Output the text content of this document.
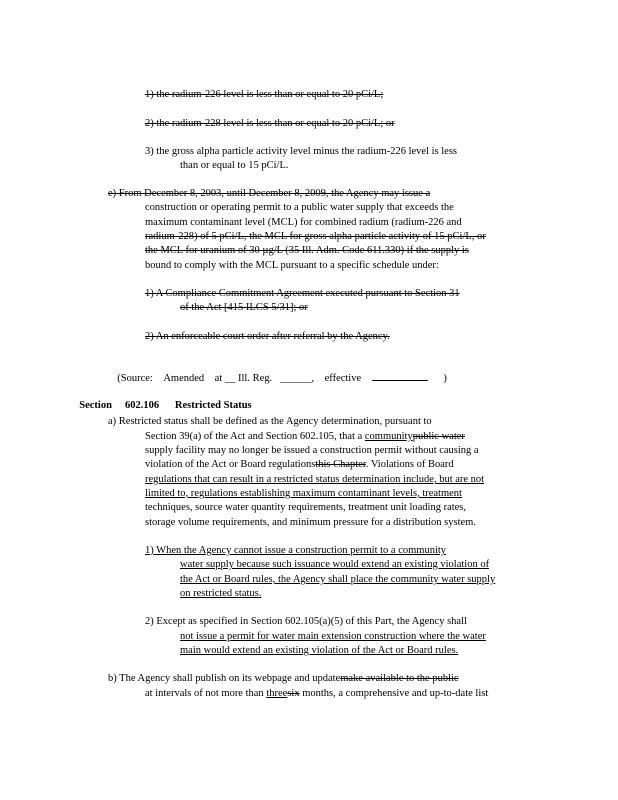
1) the radium-226 level is less than or equal to 20 pCi/L;
2) the radium-228 level is less than or equal to 20 pCi/L; or
3) the gross alpha particle activity level minus the radium-226 level is less
than or equal to 15 pCi/L.
e) From December 8, 2003, until December 8, 2009, the Agency may issue a
construction or operating permit to a public water supply that exceeds the
maximum contaminant level (MCL) for combined radium (radium-226 and
radium-228) of 5 pCi/L, the MCL for gross alpha particle activity of 15 pCi/L, or
the MCL for uranium of 30 µg/L (35 Ill. Adm. Code 611.330) if the supply is
bound to comply with the MCL pursuant to a specific schedule under:
1) A Compliance Commitment Agreement executed pursuant to Section 31
of the Act [415 ILCS 5/31]; or
2) An enforceable court order after referral by the Agency.

(Source: Amended at __ Ill. Reg. ______, effective	)

Section 602.106 Restricted Status

a) Restricted status shall be defined as the Agency determination, pursuant to
Section 39(a) of the Act and Section 602.105, that a communitypublic water
supply facility may no longer be issued a construction permit without causing a
violation of the Act or Board regulationsthis Chapter. Violations of Board
regulations that can result in a restricted status determination include, but are not
limited to, regulations establishing maximum contaminant levels, treatment
techniques, source water quantity requirements, treatment unit loading rates,
storage volume requirements, and minimum pressure for a distribution system.
1) When the Agency cannot issue a construction permit to a community
water supply because such issuance would extend an existing violation of
the Act or Board rules, the Agency shall place the community water supply
on restricted status.
2) Except as specified in Section 602.105(a)(5) of this Part, the Agency shall
not issue a permit for water main extension construction where the water
main would extend an existing violation of the Act or Board rules.
b) The Agency shall publish on its webpage and updatemake available to the public
at intervals of not more than threesix months, a comprehensive and up-to-date list
